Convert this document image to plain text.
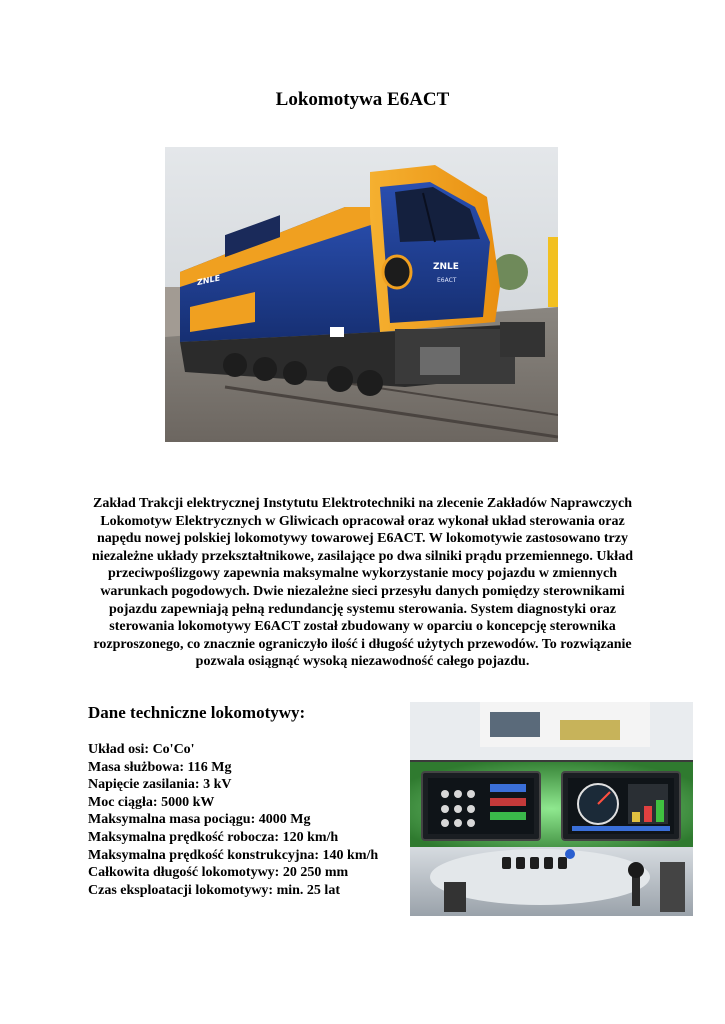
Lokomotywa E6ACT
ZNLE
E6ACT
ZNLE

Zakład Trakcji elektrycznej Instytutu Elektrotechniki na zlecenie Zakładów Naprawczych Lokomotyw Elektrycznych w Gliwicach opracował oraz wykonał układ sterowania oraz napędu nowej polskiej lokomotywy towarowej E6ACT. W lokomotywie zastosowano trzy niezależne układy przekształtnikowe, zasilające po dwa silniki prądu przemiennego. Układ przeciwpoślizgowy zapewnia maksymalne wykorzystanie mocy pojazdu w zmiennych warunkach pogodowych. Dwie niezależne sieci przesyłu danych pomiędzy sterownikami pojazdu zapewniają pełną redundancję systemu sterowania. System diagnostyki oraz sterowania lokomotywy E6ACT został zbudowany w oparciu o koncepcję sterownika rozproszonego, co znacznie ograniczyło ilość i długość użytych przewodów. To rozwiązanie pozwala osiągnąć wysoką niezawodność całego pojazdu.

Dane techniczne lokomotywy:
Układ osi: Co'Co'
Masa służbowa: 116 Mg
Napięcie zasilania: 3 kV
Moc ciągła: 5000 kW
Maksymalna masa pociągu: 4000 Mg
Maksymalna prędkość robocza: 120 km/h
Maksymalna prędkość konstrukcyjna: 140 km/h
Całkowita długość lokomotywy: 20 250 mm
Czas eksploatacji lokomotywy: min. 25 lat
